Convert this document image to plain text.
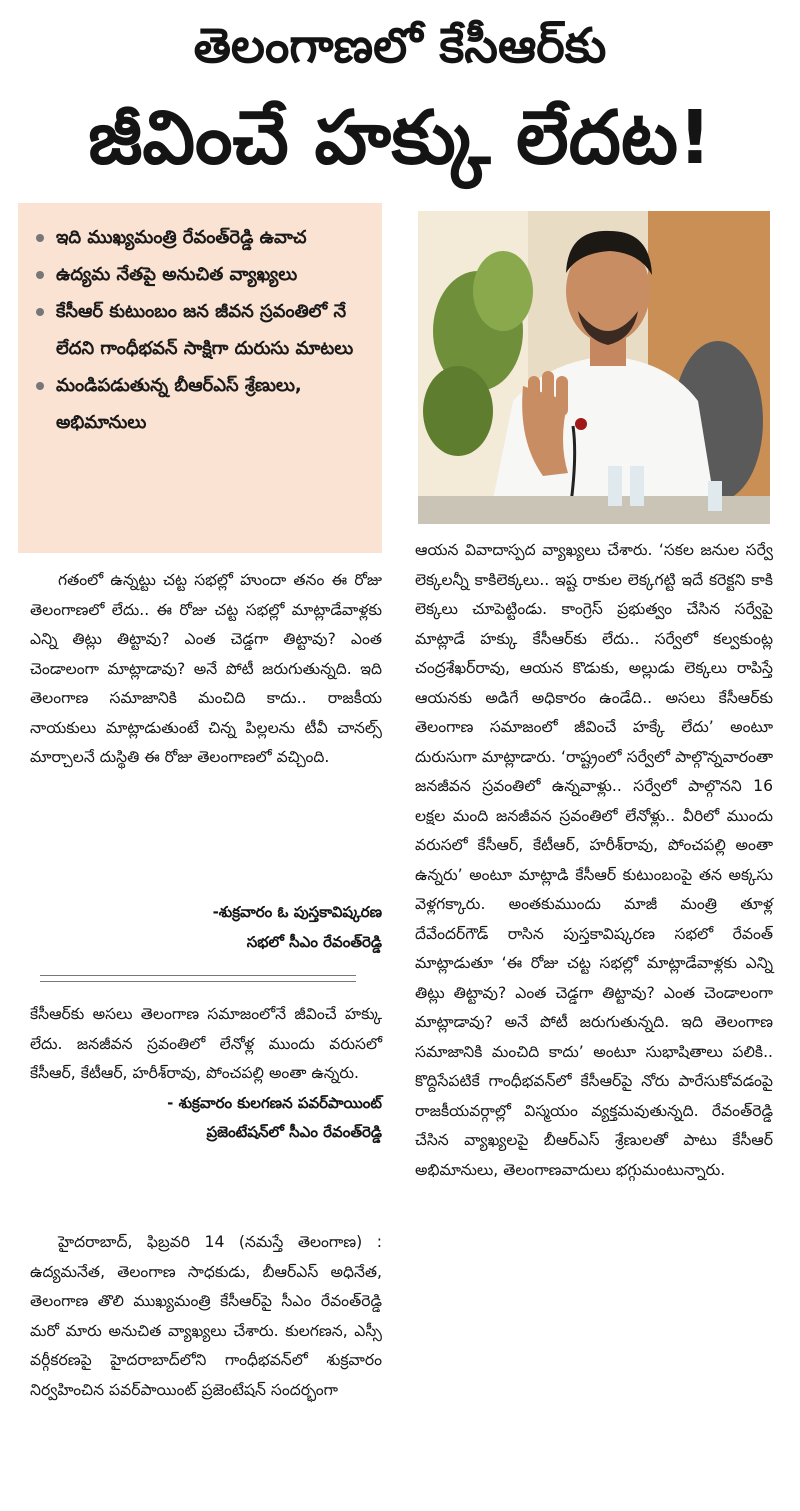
తెలంగాణలో కేసీఆర్‌కు
జీవించే హక్కు లేదట!
ఇది ముఖ్యమంత్రి రేవంత్‌రెడ్డి ఉవాచ
ఉద్యమ నేతపై అనుచిత వ్యాఖ్యలు
కేసీఆర్ కుటుంబం జన జీవన స్రవంతిలో నే లేదని గాంధీభవన్ సాక్షిగా దురుసు మాటలు
మండిపడుతున్న బీఆర్‌ఎస్ శ్రేణులు, అభిమానులు

గతంలో ఉన్నట్టు చట్ట సభల్లో హుందా తనం ఈ రోజు తెలంగాణలో లేదు.. ఈ రోజు చట్ట సభల్లో మాట్లాడేవాళ్లకు ఎన్ని తిట్లు తిట్టావు? ఎంత చెడ్డగా తిట్టావు? ఎంత చెండాలంగా మాట్లాడావు? అనే పోటీ జరుగుతున్నది. ఇది తెలంగాణ సమాజానికి మంచిది కాదు.. రాజకీయ నాయకులు మాట్లాడుతుంటే చిన్న పిల్లలను టీవీ చానల్స్ మార్చాలనే దుస్థితి ఈ రోజు తెలంగాణలో వచ్చింది.

-శుక్రవారం ఓ పుస్తకావిష్కరణ
సభలో సీఎం రేవంత్‌రెడ్డి

కేసీఆర్‌కు అసలు తెలంగాణ సమాజంలోనే జీవించే హక్కు లేదు. జనజీవన స్రవంతిలో లేనోళ్ల ముందు వరుసలో కేసీఆర్, కేటీఆర్, హరీశ్‌రావు, పోంచపల్లి అంతా ఉన్నరు.

- శుక్రవారం కులగణన పవర్‌పాయింట్
ప్రజెంటేషన్‌లో సీఎం రేవంత్‌రెడ్డి

హైదరాబాద్, ఫిబ్రవరి 14 (నమస్తే తెలంగాణ) : ఉద్యమనేత, తెలంగాణ సాధకుడు, బీఆర్‌ఎస్ అధినేత, తెలంగాణ తొలి ముఖ్యమంత్రి కేసీఆర్‌పై సీఎం రేవంత్‌రెడ్డి మరో మారు అనుచిత వ్యాఖ్యలు చేశారు. కులగణన, ఎస్సీ వర్గీకరణపై హైదరాబాద్‌లోని గాంధీభవన్‌లో శుక్రవారం నిర్వహించిన పవర్‌పాయింట్ ప్రజెంటేషన్ సందర్భంగా

ఆయన వివాదాస్పద వ్యాఖ్యలు చేశారు. ‘సకల జనుల సర్వే లెక్కలన్నీ కాకిలెక్కలు.. ఇష్ట రాకుల లెక్కగట్టి ఇదే కరెక్టని కాకి లెక్కలు చూపెట్టిండు. కాంగ్రెస్ ప్రభుత్వం చేసిన సర్వేపై మాట్లాడే హక్కు కేసీఆర్‌కు లేదు.. సర్వేలో కల్వకుంట్ల చంద్రశేఖర్‌రావు, ఆయన కొడుకు, అల్లుడు లెక్కలు రాపిస్తే ఆయనకు అడిగే అధికారం ఉండేది.. అసలు కేసీఆర్‌కు తెలంగాణ సమాజంలో జీవించే హక్కే లేదు’ అంటూ దురుసుగా మాట్లాడారు. ‘రాష్ట్రంలో సర్వేలో పాల్గొన్నవారంతా జనజీవన స్రవంతిలో ఉన్నవాళ్లు.. సర్వేలో పాల్గొనని 16 లక్షల మంది జనజీవన స్రవంతిలో లేనోళ్లు.. వీరిలో ముందు వరుసలో కేసీఆర్, కేటీఆర్, హరీశ్‌రావు, పోంచపల్లి అంతా ఉన్నరు’ అంటూ మాట్లాడి కేసీఆర్ కుటుంబంపై తన అక్కసు వెళ్లగక్కారు. అంతకుముందు మాజీ మంత్రి తూళ్ల దేవేందర్‌గౌడ్ రాసిన పుస్తకావిష్కరణ సభలో రేవంత్ మాట్లాడుతూ ‘ఈ రోజు చట్ట సభల్లో మాట్లాడేవాళ్లకు ఎన్ని తిట్లు తిట్టావు? ఎంత చెడ్డగా తిట్టావు? ఎంత చెండాలంగా మాట్లాడావు? అనే పోటీ జరుగుతున్నది. ఇది తెలంగాణ సమాజానికి మంచిది కాదు’ అంటూ సుభాషితాలు పలికి.. కొద్దిసేపటికే గాంధీభవన్‌లో కేసీఆర్‌పై నోరు పారేసుకోవడంపై రాజకీయవర్గాల్లో విస్మయం వ్యక్తమవుతున్నది. రేవంత్‌రెడ్డి చేసిన వ్యాఖ్యలపై బీఆర్‌ఎస్ శ్రేణులతో పాటు కేసీఆర్ అభిమానులు, తెలంగాణవాదులు భగ్గుమంటున్నారు.
